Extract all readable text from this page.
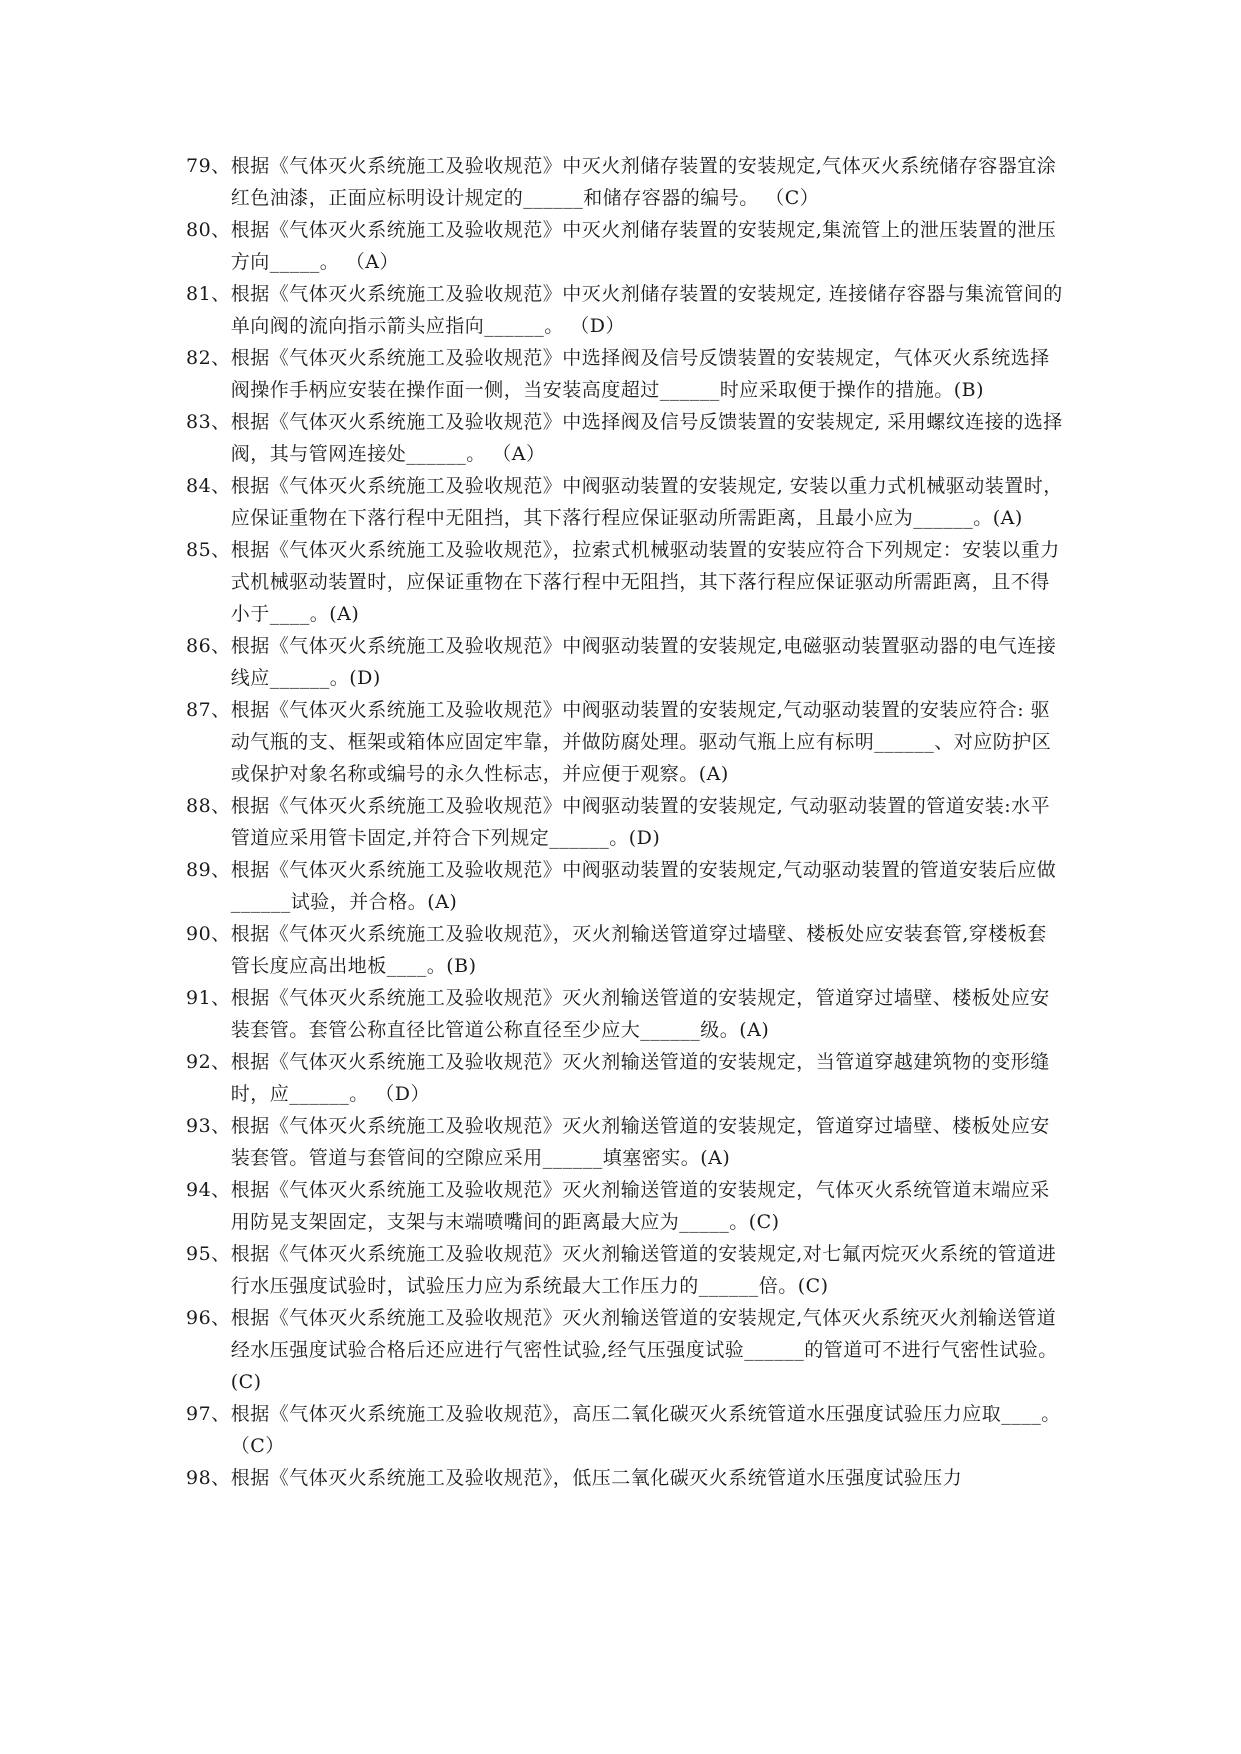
79、 根据《气体灭火系统施工及验收规范》中灭火剂储存装置的安装规定,气体灭火系统储存容器宜涂红色油漆，正面应标明设计规定的______和储存容器的编号。 （C）
80、 根据《气体灭火系统施工及验收规范》中灭火剂储存装置的安装规定,集流管上的泄压装置的泄压方向_____。 （A）
81、 根据《气体灭火系统施工及验收规范》中灭火剂储存装置的安装规定, 连接储存容器与集流管间的单向阀的流向指示箭头应指向______。 （D）
82、 根据《气体灭火系统施工及验收规范》中选择阀及信号反馈装置的安装规定，气体灭火系统选择阀操作手柄应安装在操作面一侧，当安装高度超过______时应采取便于操作的措施。(B)
83、 根据《气体灭火系统施工及验收规范》中选择阀及信号反馈装置的安装规定, 采用螺纹连接的选择阀，其与管网连接处______。 （A）
84、 根据《气体灭火系统施工及验收规范》中阀驱动装置的安装规定, 安装以重力式机械驱动装置时，应保证重物在下落行程中无阻挡，其下落行程应保证驱动所需距离，且最小应为______。(A)
85、 根据《气体灭火系统施工及验收规范》，拉索式机械驱动装置的安装应符合下列规定：安装以重力式机械驱动装置时，应保证重物在下落行程中无阻挡，其下落行程应保证驱动所需距离，且不得小于____。(A)
86、 根据《气体灭火系统施工及验收规范》中阀驱动装置的安装规定,电磁驱动装置驱动器的电气连接线应______。(D)
87、 根据《气体灭火系统施工及验收规范》中阀驱动装置的安装规定,气动驱动装置的安装应符合: 驱动气瓶的支、框架或箱体应固定牢靠，并做防腐处理。驱动气瓶上应有标明______、对应防护区或保护对象名称或编号的永久性标志，并应便于观察。(A)
88、 根据《气体灭火系统施工及验收规范》中阀驱动装置的安装规定, 气动驱动装置的管道安装:水平管道应采用管卡固定,并符合下列规定______。(D)
89、 根据《气体灭火系统施工及验收规范》中阀驱动装置的安装规定,气动驱动装置的管道安装后应做______试验，并合格。(A)
90、 根据《气体灭火系统施工及验收规范》，灭火剂输送管道穿过墙壁、楼板处应安装套管,穿楼板套管长度应高出地板____。(B)
91、 根据《气体灭火系统施工及验收规范》灭火剂输送管道的安装规定，管道穿过墙壁、楼板处应安装套管。套管公称直径比管道公称直径至少应大______级。(A)
92、 根据《气体灭火系统施工及验收规范》灭火剂输送管道的安装规定，当管道穿越建筑物的变形缝时，应______。 （D）
93、 根据《气体灭火系统施工及验收规范》灭火剂输送管道的安装规定，管道穿过墙壁、楼板处应安装套管。管道与套管间的空隙应采用______填塞密实。(A)
94、 根据《气体灭火系统施工及验收规范》灭火剂输送管道的安装规定，气体灭火系统管道末端应采用防晃支架固定，支架与末端喷嘴间的距离最大应为_____。(C)
95、 根据《气体灭火系统施工及验收规范》灭火剂输送管道的安装规定,对七氟丙烷灭火系统的管道进行水压强度试验时，试验压力应为系统最大工作压力的______倍。(C)
96、 根据《气体灭火系统施工及验收规范》灭火剂输送管道的安装规定,气体灭火系统灭火剂输送管道经水压强度试验合格后还应进行气密性试验,经气压强度试验______的管道可不进行气密性试验。(C)
97、 根据《气体灭火系统施工及验收规范》，高压二氧化碳灭火系统管道水压强度试验压力应取____。 （C）
98、 根据《气体灭火系统施工及验收规范》，低压二氧化碳灭火系统管道水压强度试验压力
